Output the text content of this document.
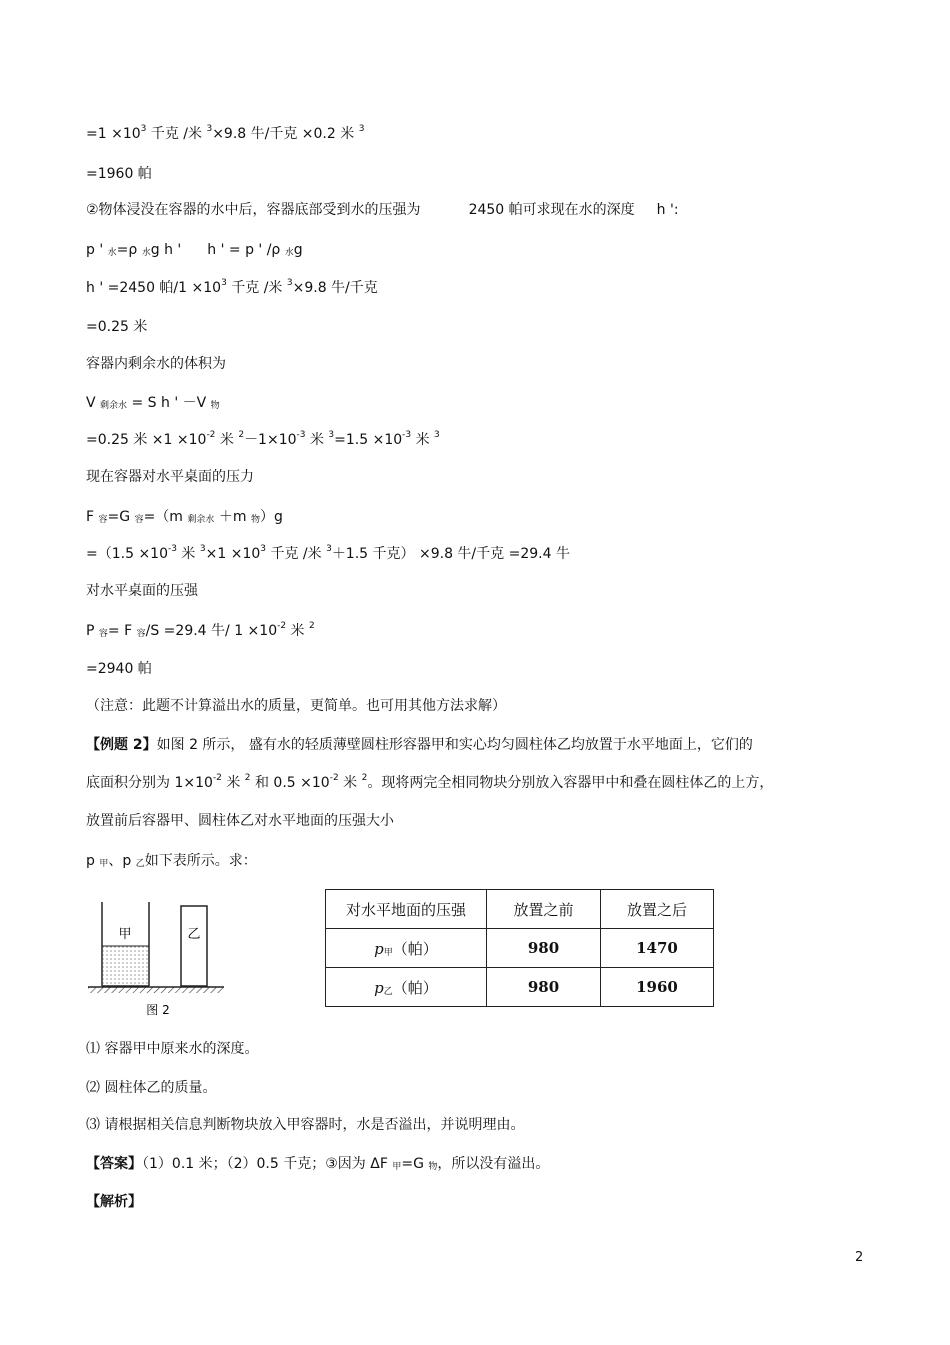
$=1 \times 10^3$ 千克 /米 $^3$×9.8 牛/千克 ×0.2 米 $^3$
=1960 帕
②物体浸没在容器的水中后，容器底部受到水的压强为	2450 帕可求现在水的深度 h ':
p ' 水=ρ 水g h ' h ' = p ' /ρ 水g
h ' =2450 帕$/1 \times 10^3$ 千克 /米 $^3$×9.8 牛/千克
=0.25 米
容器内剩余水的体积为
V 剩余水 = S h ' －V 物
=0.25 米 $\times 1 \times 10^{-2}$ 米 $^2-1\times 10^{-3}$ 米 $^3=1.5 \times 10^{-3}$ 米 $^3$
现在容器对水平桌面的压力
F 容=G 容=（m 剩余水 ＋m 物）g
$=(1.5 \times 10^{-3}$ 米 $^3\times 1 \times 10^3$ 千克 /米 $^3$＋1.5 千克） ×9.8 牛/千克 =29.4 牛
对水平桌面的压强
P 容= F 容/S =29.4 牛/ $1 \times 10^{-2}$ 米 $^2$
=2940 帕
（注意：此题不计算溢出水的质量，更简单。也可用其他方法求解）
【例题 2】如图 2 所示， 盛有水的轻质薄壁圆柱形容器甲和实心均匀圆柱体乙均放置于水平地面上，它们的
底面积分别为 $1\times 10^{-2}$ 米 $^2$ 和 $0.5 \times 10^{-2}$ 米 $^2$。现将两完全相同物块分别放入容器甲中和叠在圆柱体乙的上方，
放置前后容器甲、圆柱体乙对水平地面的压强大小
p 甲、p 乙如下表所示。求：
甲	乙
图 2
对水平地面的压强	放置之前	放置之后
p甲（帕）	980	1470
p乙（帕）	980	1960
⑴ 容器甲中原来水的深度。
⑵ 圆柱体乙的质量。
⑶ 请根据相关信息判断物块放入甲容器时，水是否溢出，并说明理由。
【答案】（1）0.1 米；（2）0.5 千克；③因为 ΔF 甲=G 物，所以没有溢出。
【解析】
2
